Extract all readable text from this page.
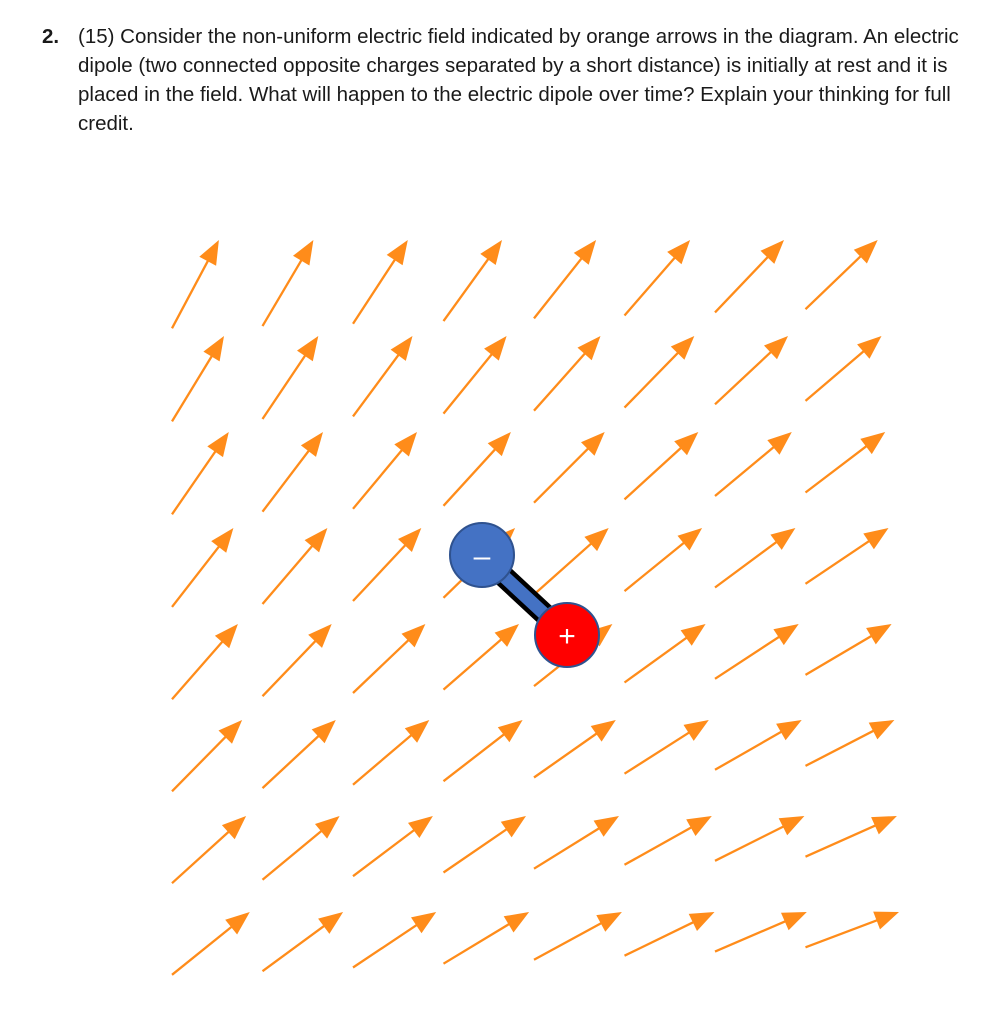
2. (15) Consider the non-uniform electric field indicated by orange arrows in the diagram. An electric dipole (two connected opposite charges separated by a short distance) is initially at rest and it is placed in the field. What will happen to the electric dipole over time? Explain your thinking for full credit.
–
+
